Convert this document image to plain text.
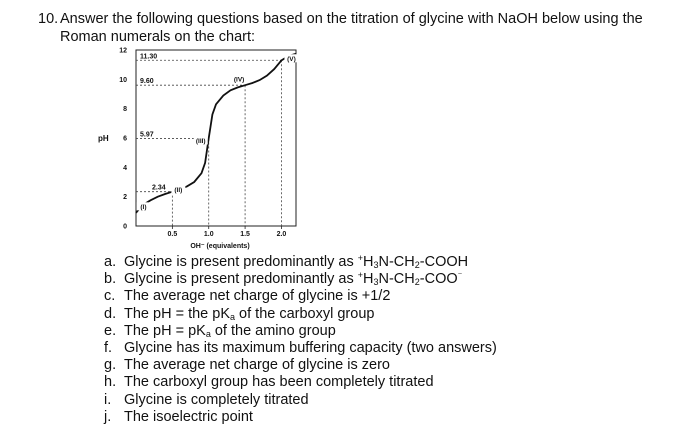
10. Answer the following questions based on the titration of glycine with NaOH below using the
Roman numerals on the chart:
0
2
4
6
8
10
12
0.5	1.0	1.5	2.0
pH
OH⁻ (equivalents)
2.34
5.97
9.60
11.30
(I)
(II)
(III)
(IV)
(V)
a. Glycine is present predominantly as $^+H_3N-CH_2$-COOH
b. Glycine is present predominantly as $^+H_3N-CH_2-COO^{^-}$
c. The average net charge of glycine is +1/2
d. The pH = the $pK_a$ of the carboxyl group
e. The pH = $pK_a$ of the amino group
f. Glycine has its maximum buffering capacity (two answers)
g. The average net charge of glycine is zero
h. The carboxyl group has been completely titrated
i. Glycine is completely titrated
j. The isoelectric point
